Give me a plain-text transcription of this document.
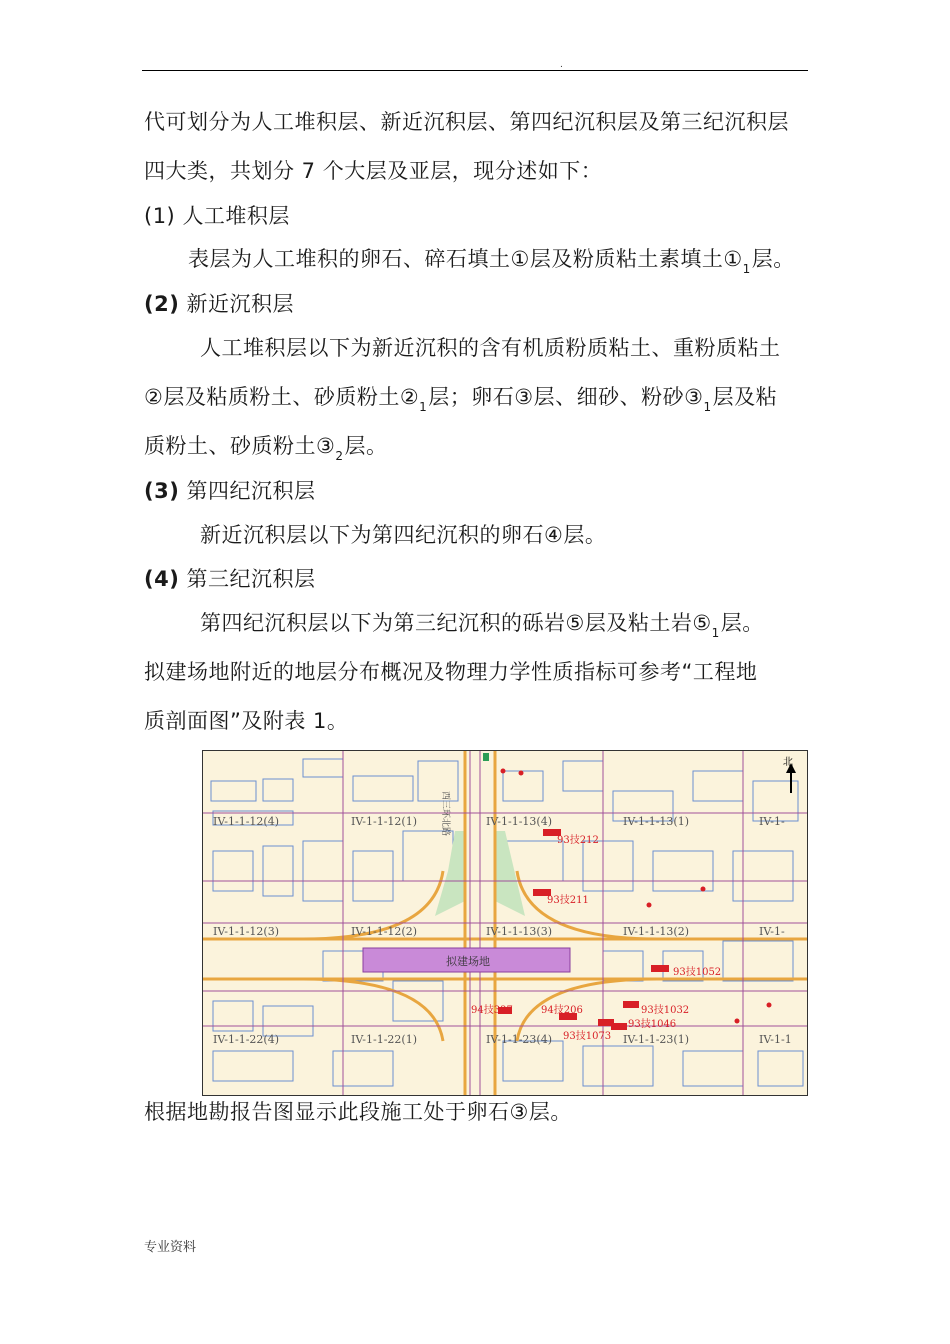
.
代可划分为人工堆积层、新近沉积层、第四纪沉积层及第三纪沉积层
四大类，共划分 7 个大层及亚层，现分述如下：
(1) 人工堆积层
表层为人工堆积的卵石、碎石填土①层及粉质粘土素填土$①_1$层。
(2) 新近沉积层
人工堆积层以下为新近沉积的含有机质粉质粘土、重粉质粘土
②层及粘质粉土、砂质粉土$②_1$层；卵石③层、细砂、粉砂$③_1$层及粘
质粉土、砂质粉土$③_2$层。
(3) 第四纪沉积层
新近沉积层以下为第四纪沉积的卵石④层。
(4) 第三纪沉积层
第四纪沉积层以下为第三纪沉积的砾岩⑤层及粘土岩$⑤_1$层。
拟建场地附近的地层分布概况及物理力学性质指标可参考“工程地
质剖面图”及附表 1。
拟建场地
西三环北路
北
IV-1-1-12(4)	IV-1-1-12(1)	IV-1-1-13(4)	IV-1-1-13(1)	IV-1-
IV-1-1-12(3)	IV-1-1-12(2)	IV-1-1-13(3)	IV-1-1-13(2)	IV-1-
IV-1-1-22(4)	IV-1-1-22(1)	IV-1-1-23(4)	IV-1-1-23(1)	IV-1-1
93技212
93技211
93技1052
94技337	94技206	93技1032
93技1046
93技1073
根据地勘报告图显示此段施工处于卵石③层。
专业资料
